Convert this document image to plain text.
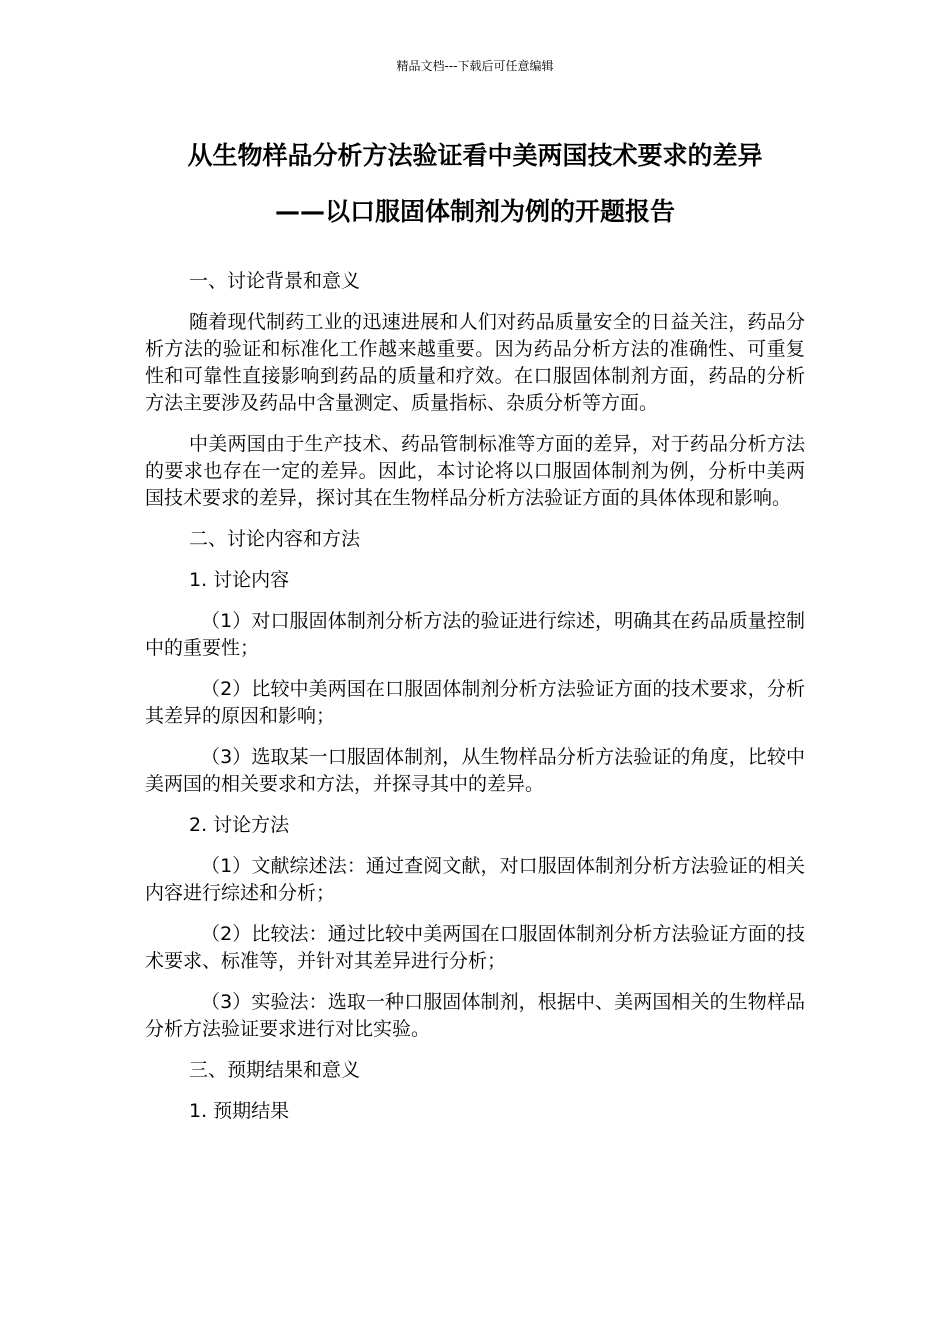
精品文档---下载后可任意编辑
从生物样品分析方法验证看中美两国技术要求的差异
——以口服固体制剂为例的开题报告

一、讨论背景和意义

随着现代制药工业的迅速进展和人们对药品质量安全的日益关注，药品分析方法的验证和标准化工作越来越重要。因为药品分析方法的准确性、可重复性和可靠性直接影响到药品的质量和疗效。在口服固体制剂方面，药品的分析方法主要涉及药品中含量测定、质量指标、杂质分析等方面。

中美两国由于生产技术、药品管制标准等方面的差异，对于药品分析方法的要求也存在一定的差异。因此，本讨论将以口服固体制剂为例，分析中美两国技术要求的差异，探讨其在生物样品分析方法验证方面的具体体现和影响。

二、讨论内容和方法

1. 讨论内容

（1）对口服固体制剂分析方法的验证进行综述，明确其在药品质量控制中的重要性；

（2）比较中美两国在口服固体制剂分析方法验证方面的技术要求，分析其差异的原因和影响；

（3）选取某一口服固体制剂，从生物样品分析方法验证的角度，比较中美两国的相关要求和方法，并探寻其中的差异。

2. 讨论方法

（1）文献综述法：通过查阅文献，对口服固体制剂分析方法验证的相关内容进行综述和分析；

（2）比较法：通过比较中美两国在口服固体制剂分析方法验证方面的技术要求、标准等，并针对其差异进行分析；

（3）实验法：选取一种口服固体制剂，根据中、美两国相关的生物样品分析方法验证要求进行对比实验。

三、预期结果和意义

1. 预期结果
